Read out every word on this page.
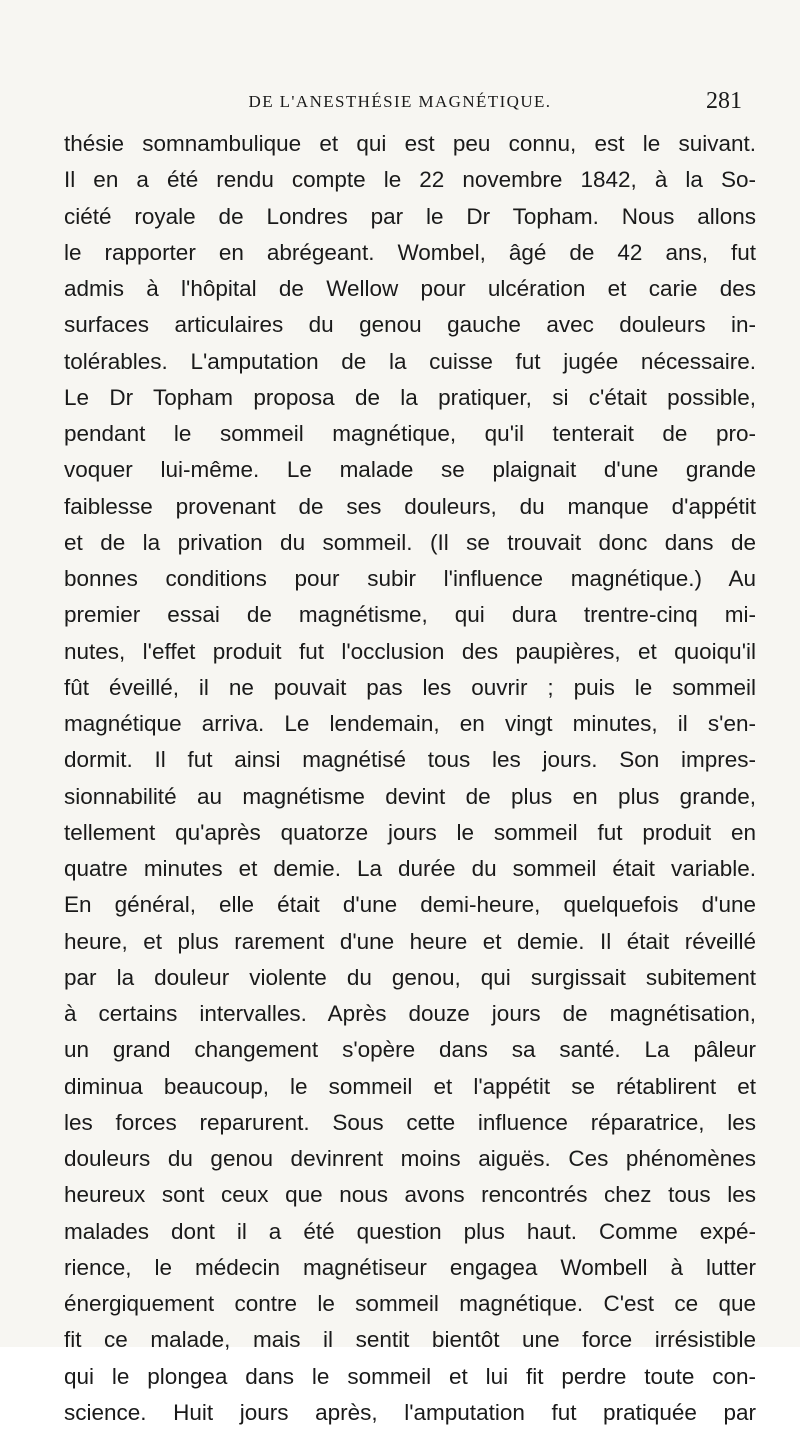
DE L'ANESTHÉSIE MAGNÉTIQUE.	281
thésie somnambulique et qui est peu connu, est le suivant.
Il en a été rendu compte le 22 novembre 1842, à la So-
ciété royale de Londres par le Dr Topham. Nous allons
le rapporter en abrégeant. Wombel, âgé de 42 ans, fut
admis à l'hôpital de Wellow pour ulcération et carie des
surfaces articulaires du genou gauche avec douleurs in-
tolérables. L'amputation de la cuisse fut jugée nécessaire.
Le Dr Topham proposa de la pratiquer, si c'était possible,
pendant le sommeil magnétique, qu'il tenterait de pro-
voquer lui-même. Le malade se plaignait d'une grande
faiblesse provenant de ses douleurs, du manque d'appétit
et de la privation du sommeil. (Il se trouvait donc dans de
bonnes conditions pour subir l'influence magnétique.) Au
premier essai de magnétisme, qui dura trentre-cinq mi-
nutes, l'effet produit fut l'occlusion des paupières, et quoiqu'il
fût éveillé, il ne pouvait pas les ouvrir ; puis le sommeil
magnétique arriva. Le lendemain, en vingt minutes, il s'en-
dormit. Il fut ainsi magnétisé tous les jours. Son impres-
sionnabilité au magnétisme devint de plus en plus grande,
tellement qu'après quatorze jours le sommeil fut produit en
quatre minutes et demie. La durée du sommeil était variable.
En général, elle était d'une demi-heure, quelquefois d'une
heure, et plus rarement d'une heure et demie. Il était réveillé
par la douleur violente du genou, qui surgissait subitement
à certains intervalles. Après douze jours de magnétisation,
un grand changement s'opère dans sa santé. La pâleur
diminua beaucoup, le sommeil et l'appétit se rétablirent et
les forces reparurent. Sous cette influence réparatrice, les
douleurs du genou devinrent moins aiguës. Ces phénomènes
heureux sont ceux que nous avons rencontrés chez tous les
malades dont il a été question plus haut. Comme expé-
rience, le médecin magnétiseur engagea Wombell à lutter
énergiquement contre le sommeil magnétique. C'est ce que
fit ce malade, mais il sentit bientôt une force irrésistible
qui le plongea dans le sommeil et lui fit perdre toute con-
science. Huit jours après, l'amputation fut pratiquée par
